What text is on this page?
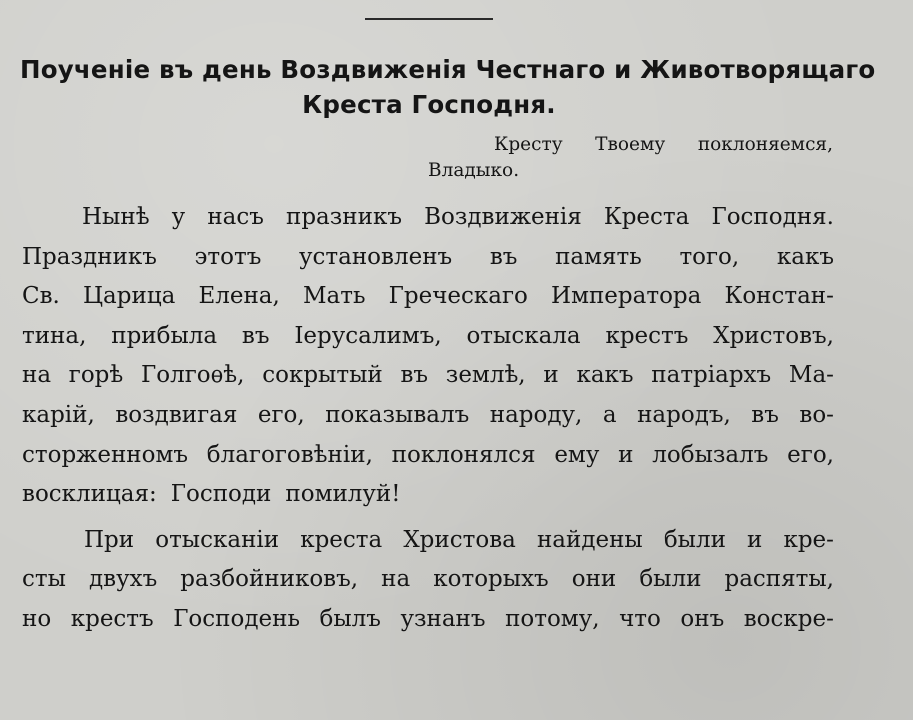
Поученіе въ день Воздвиженія Честнаго и Животворящаго
Креста Господня.
Кресту Твоему поклоняемся,
Владыко.
Нынѣ у насъ празникъ Воздвиженія Креста Господня.
Праздникъ этотъ установленъ въ память того, какъ
Св. Царица Елена, Мать Греческаго Императора Констан-
тина, прибыла въ Іерусалимъ, отыскала крестъ Христовъ,
на горѣ Голгоѳѣ, сокрытый въ землѣ, и какъ патріархъ Ма-
карій, воздвигая его, показывалъ народу, а народъ, въ во-
сторженномъ благоговѣніи, поклонялся ему и лобызалъ его,
восклицая: Господи помилуй!
При отысканіи креста Христова найдены были и кре-
сты двухъ разбойниковъ, на которыхъ они были распяты,
но крестъ Господень былъ узнанъ потому, что онъ воскре-
